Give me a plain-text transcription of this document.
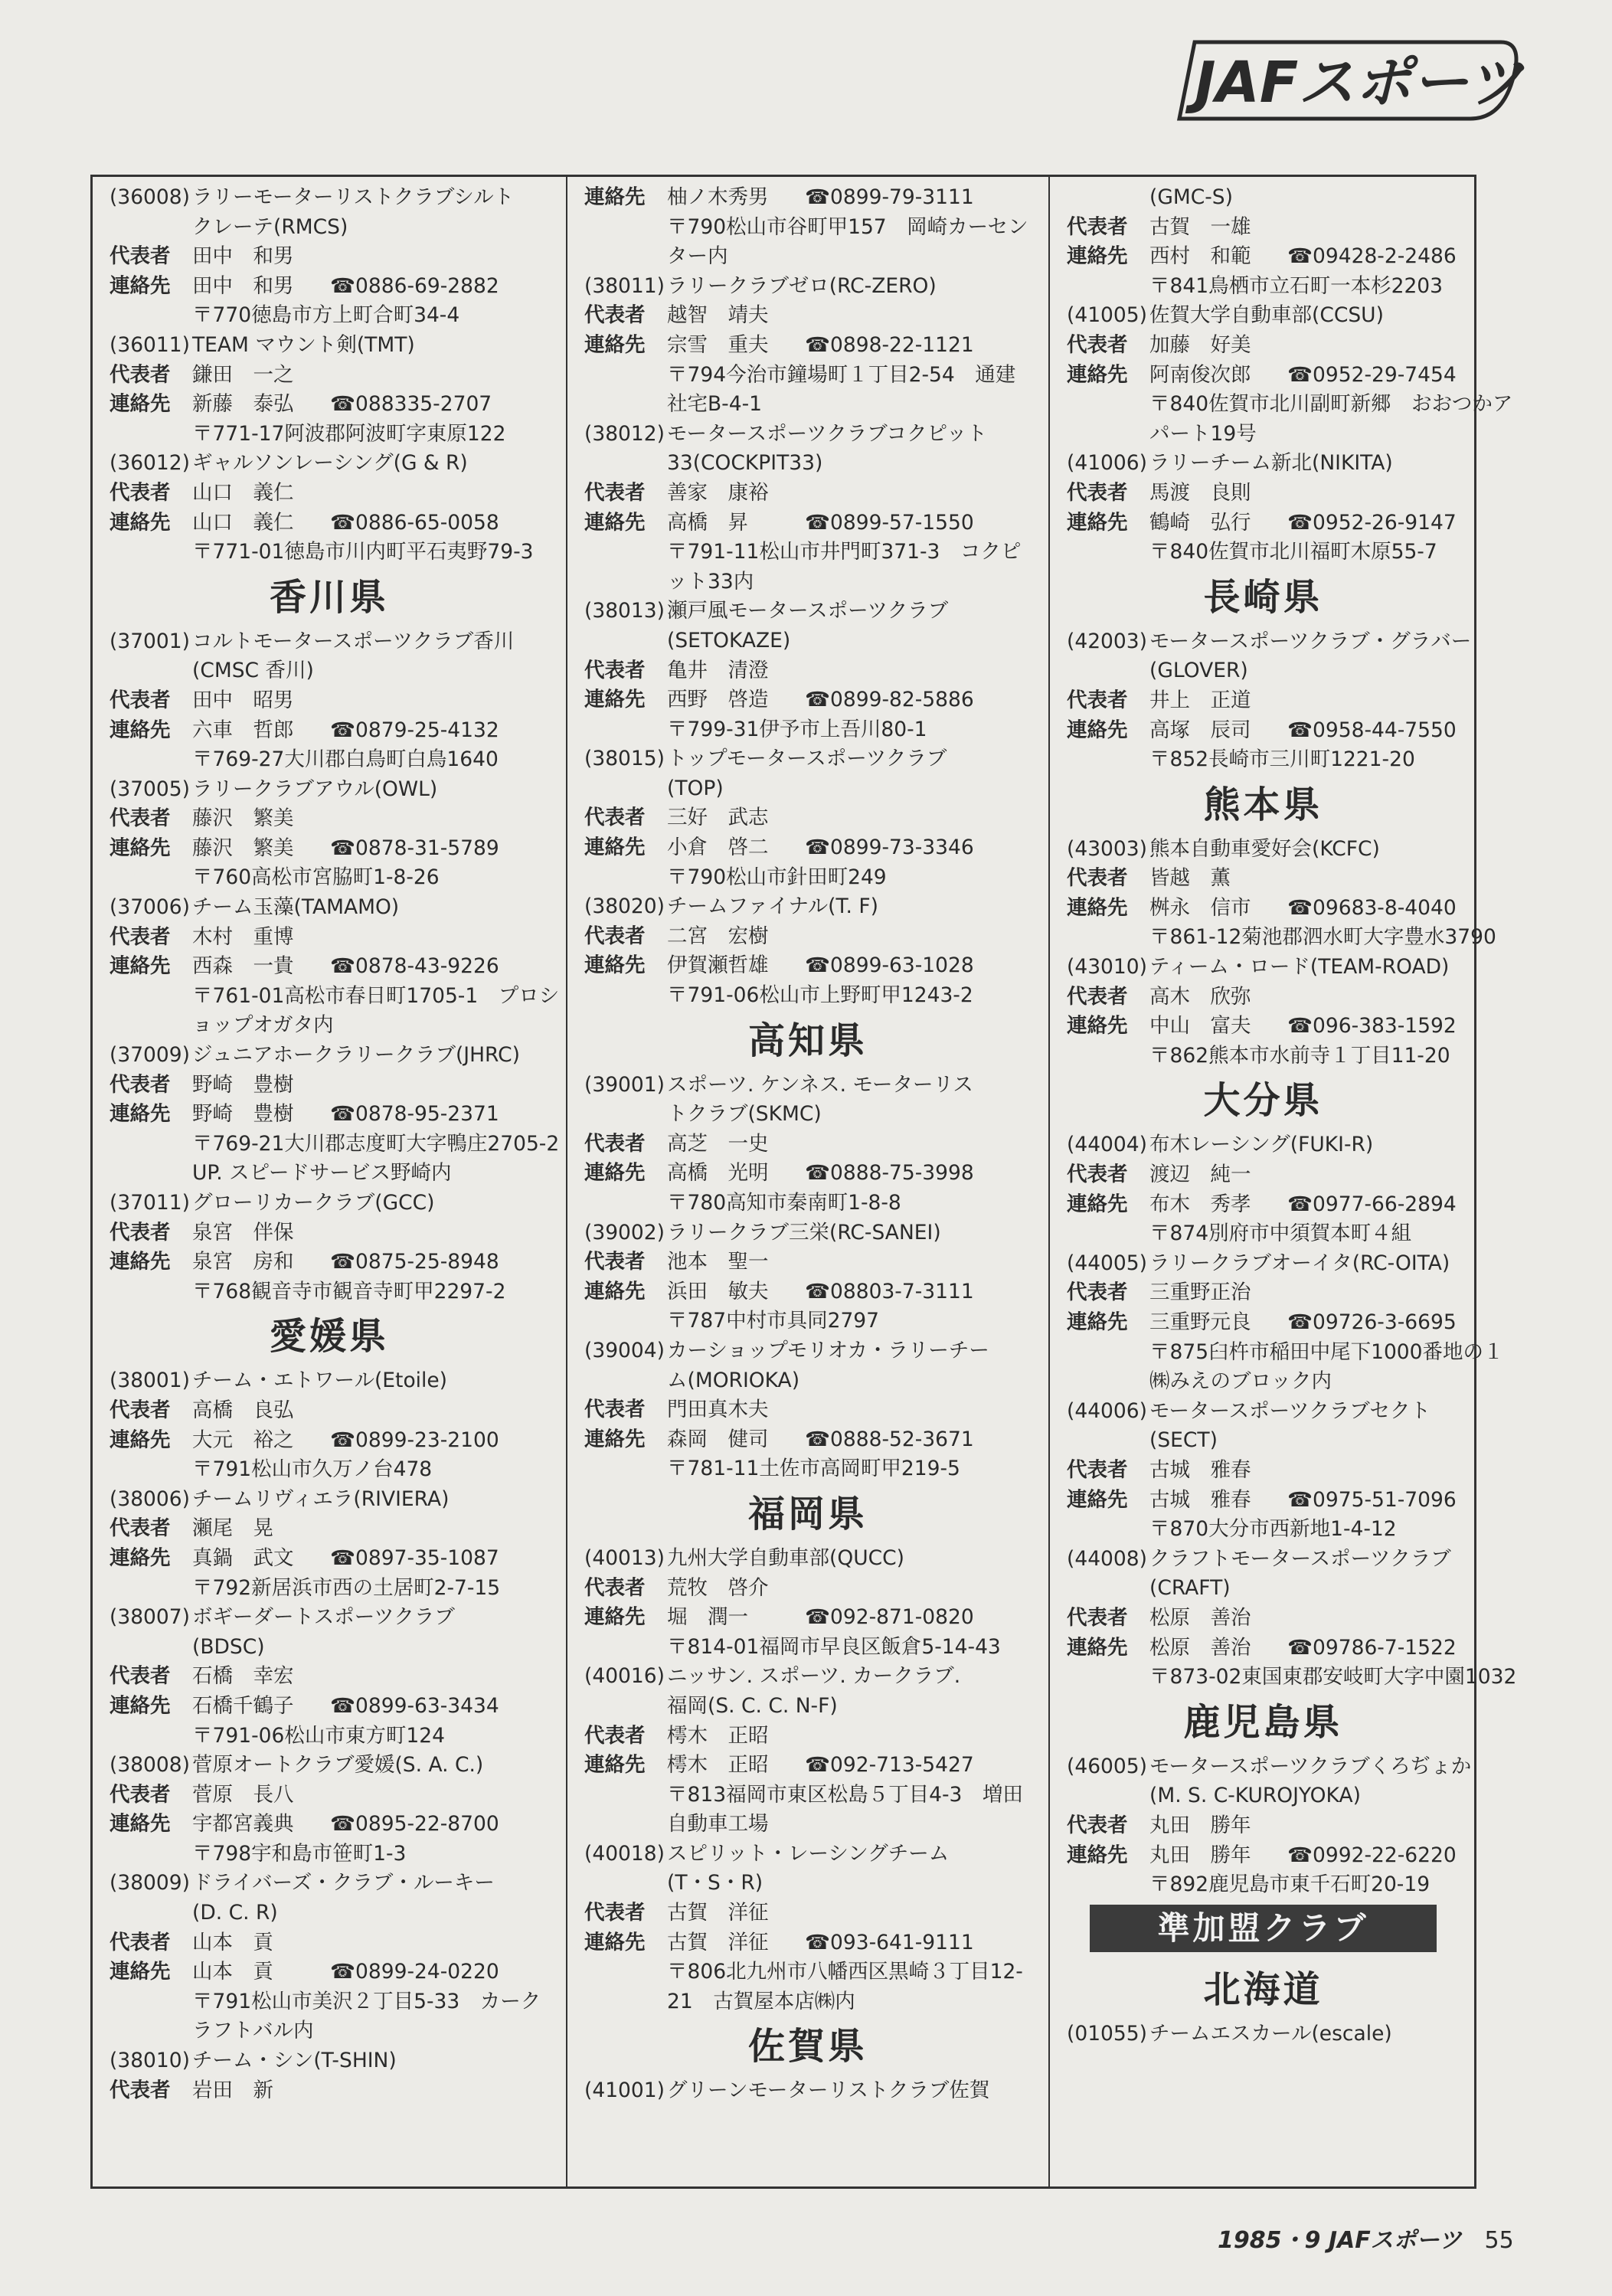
JAFスポーツ
(36008) ラリーモーターリストクラブシルト
クレーテ(RMCS)
代表者 田中　和男
連絡先 田中　和男 ☎0886-69-2882
〒770徳島市方上町合町34-4
(36011) TEAM マウント剣(TMT)
代表者 鎌田　一之
連絡先 新藤　泰弘 ☎088335-2707
〒771-17阿波郡阿波町字東原122
(36012) ギャルソンレーシング(G & R)
代表者 山口　義仁
連絡先 山口　義仁 ☎0886-65-0058
〒771-01徳島市川内町平石夷野79-3
香川県
(37001) コルトモータースポーツクラブ香川
(CMSC 香川)
代表者 田中　昭男
連絡先 六車　哲郎 ☎0879-25-4132
〒769-27大川郡白鳥町白鳥1640
(37005) ラリークラブアウル(OWL)
代表者 藤沢　繁美
連絡先 藤沢　繁美 ☎0878-31-5789
〒760高松市宮脇町1-8-26
(37006) チーム玉藻(TAMAMO)
代表者 木村　重博
連絡先 西森　一貴 ☎0878-43-9226
〒761-01高松市春日町1705-1　プロシ
ョップオガタ内
(37009) ジュニアホークラリークラブ(JHRC)
代表者 野崎　豊樹
連絡先 野崎　豊樹 ☎0878-95-2371
〒769-21大川郡志度町大字鴨庄2705-2
UP. スピードサービス野崎内
(37011) グローリカークラブ(GCC)
代表者 泉宮　伴保
連絡先 泉宮　房和 ☎0875-25-8948
〒768観音寺市観音寺町甲2297-2
愛媛県
(38001) チーム・エトワール(Etoile)
代表者 高橋　良弘
連絡先 大元　裕之 ☎0899-23-2100
〒791松山市久万ノ台478
(38006) チームリヴィエラ(RIVIERA)
代表者 瀬尾　晃
連絡先 真鍋　武文 ☎0897-35-1087
〒792新居浜市西の土居町2-7-15
(38007) ボギーダートスポーツクラブ
(BDSC)
代表者 石橋　幸宏
連絡先 石橋千鶴子 ☎0899-63-3434
〒791-06松山市東方町124
(38008) 菅原オートクラブ愛媛(S. A. C.)
代表者 菅原　長八
連絡先 宇都宮義典 ☎0895-22-8700
〒798宇和島市笹町1-3
(38009) ドライバーズ・クラブ・ルーキー
(D. C. R)
代表者 山本　貢
連絡先 山本　貢	☎0899-24-0220
〒791松山市美沢２丁目5-33　カーク
ラフトバル内
(38010) チーム・シン(T-SHIN)
代表者 岩田　新
連絡先 柚ノ木秀男 ☎0899-79-3111
〒790松山市谷町甲157　岡崎カーセン
ター内
(38011) ラリークラブゼロ(RC-ZERO)
代表者 越智　靖夫
連絡先 宗雪　重夫 ☎0898-22-1121
〒794今治市鐘場町１丁目2-54　通建
社宅B-4-1
(38012) モータースポーツクラブコクピット
33(COCKPIT33)
代表者 善家　康裕
連絡先 高橋　昇	☎0899-57-1550
〒791-11松山市井門町371-3　コクピ
ット33内
(38013) 瀬戸風モータースポーツクラブ
(SETOKAZE)
代表者 亀井　清澄
連絡先 西野　啓造 ☎0899-82-5886
〒799-31伊予市上吾川80-1
(38015) トップモータースポーツクラブ
(TOP)
代表者 三好　武志
連絡先 小倉　啓二 ☎0899-73-3346
〒790松山市針田町249
(38020) チームファイナル(T. F)
代表者 二宮　宏樹
連絡先 伊賀瀬哲雄 ☎0899-63-1028
〒791-06松山市上野町甲1243-2
高知県
(39001) スポーツ. ケンネス. モーターリス
トクラブ(SKMC)
代表者 高芝　一史
連絡先 高橋　光明 ☎0888-75-3998
〒780高知市秦南町1-8-8
(39002) ラリークラブ三栄(RC-SANEI)
代表者 池本　聖一
連絡先 浜田　敏夫 ☎08803-7-3111
〒787中村市具同2797
(39004) カーショップモリオカ・ラリーチー
ム(MORIOKA)
代表者 門田真木夫
連絡先 森岡　健司 ☎0888-52-3671
〒781-11土佐市高岡町甲219-5
福岡県
(40013) 九州大学自動車部(QUCC)
代表者 荒牧　啓介
連絡先 堀　潤一	☎092-871-0820
〒814-01福岡市早良区飯倉5-14-43
(40016) ニッサン. スポーツ. カークラブ.
福岡(S. C. C. N-F)
代表者 樗木　正昭
連絡先 樗木　正昭 ☎092-713-5427
〒813福岡市東区松島５丁目4-3　増田
自動車工場
(40018) スピリット・レーシングチーム
(T・S・R)
代表者 古賀　洋征
連絡先 古賀　洋征 ☎093-641-9111
〒806北九州市八幡西区黒崎３丁目12-
21　古賀屋本店㈱内
佐賀県
(41001) グリーンモーターリストクラブ佐賀
(GMC-S)
代表者 古賀　一雄
連絡先 西村　和範 ☎09428-2-2486
〒841鳥栖市立石町一本杉2203
(41005) 佐賀大学自動車部(CCSU)
代表者 加藤　好美
連絡先 阿南俊次郎 ☎0952-29-7454
〒840佐賀市北川副町新郷　おおつかア
パート19号
(41006) ラリーチーム新北(NIKITA)
代表者 馬渡　良則
連絡先 鶴崎　弘行 ☎0952-26-9147
〒840佐賀市北川福町木原55-7
長崎県
(42003) モータースポーツクラブ・グラバー
(GLOVER)
代表者 井上　正道
連絡先 高塚　辰司 ☎0958-44-7550
〒852長崎市三川町1221-20
熊本県
(43003) 熊本自動車愛好会(KCFC)
代表者 皆越　薫
連絡先 桝永　信市 ☎09683-8-4040
〒861-12菊池郡泗水町大字豊水3790
(43010) ティーム・ロード(TEAM-ROAD)
代表者 高木　欣弥
連絡先 中山　富夫 ☎096-383-1592
〒862熊本市水前寺１丁目11-20
大分県
(44004) 布木レーシング(FUKI-R)
代表者 渡辺　純一
連絡先 布木　秀孝 ☎0977-66-2894
〒874別府市中須賀本町４組
(44005) ラリークラブオーイタ(RC-OITA)
代表者 三重野正治
連絡先 三重野元良 ☎09726-3-6695
〒875臼杵市稲田中尾下1000番地の１
㈱みえのブロック内
(44006) モータースポーツクラブセクト
(SECT)
代表者 古城　雅春
連絡先 古城　雅春 ☎0975-51-7096
〒870大分市西新地1-4-12
(44008) クラフトモータースポーツクラブ
(CRAFT)
代表者 松原　善治
連絡先 松原　善治 ☎09786-7-1522
〒873-02東国東郡安岐町大字中園1032
鹿児島県
(46005) モータースポーツクラブくろぢょか
(M. S. C-KUROJYOKA)
代表者 丸田　勝年
連絡先 丸田　勝年 ☎0992-22-6220
〒892鹿児島市東千石町20-19
準加盟クラブ
北海道
(01055) チームエスカール(escale)
1985・9 JAFスポーツ 55
